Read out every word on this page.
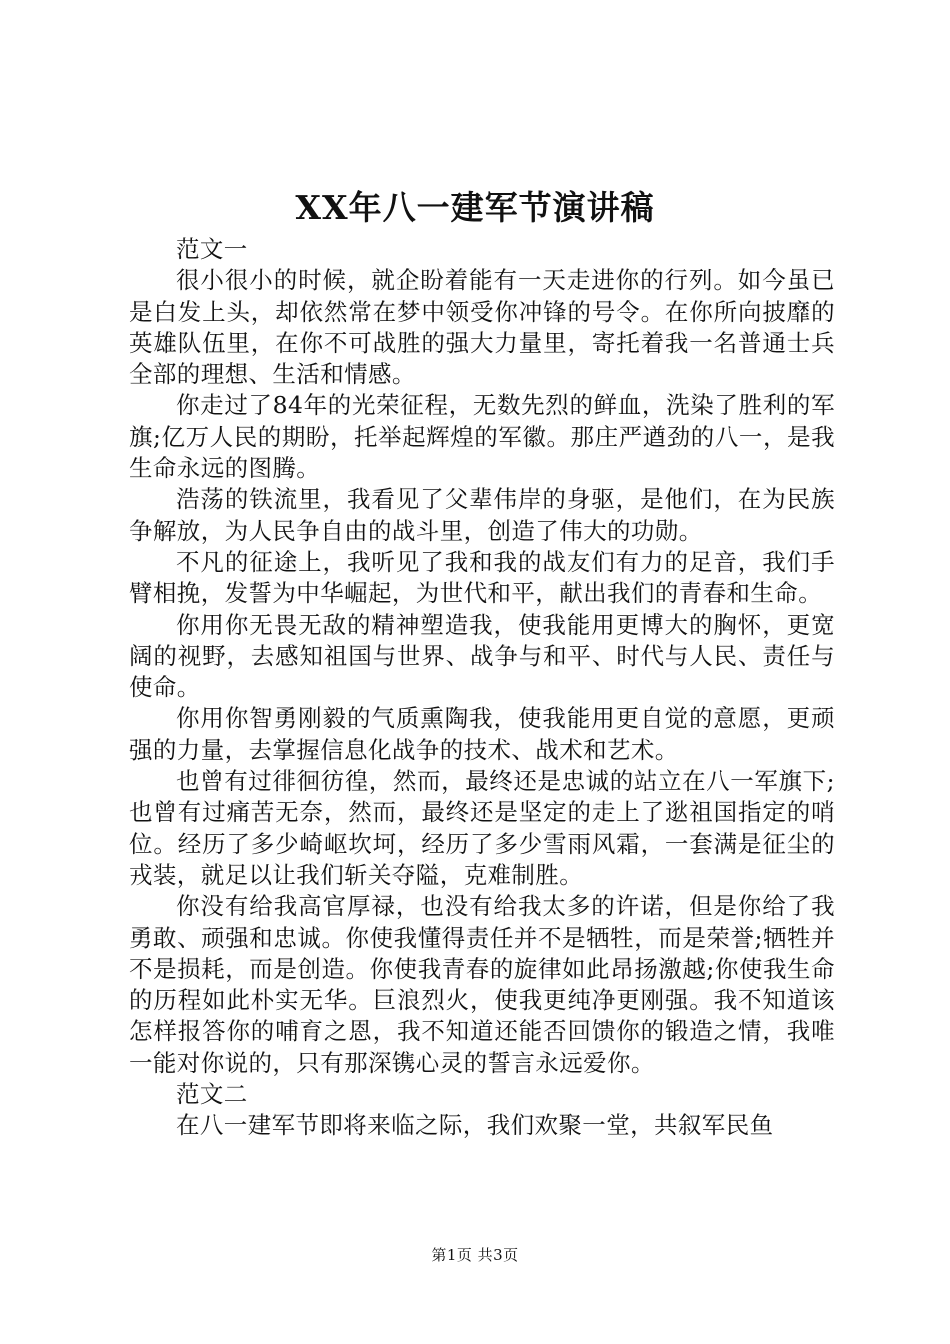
XX年八一建军节演讲稿

范文一

很小很小的时候，就企盼着能有一天走进你的行列。如今虽已是白发上头，却依然常在梦中领受你冲锋的号令。在你所向披靡的英雄队伍里，在你不可战胜的强大力量里，寄托着我一名普通士兵全部的理想、生活和情感。

你走过了84年的光荣征程，无数先烈的鲜血，洗染了胜利的军旗;亿万人民的期盼，托举起辉煌的军徽。那庄严遒劲的八一，是我生命永远的图腾。

浩荡的铁流里，我看见了父辈伟岸的身驱，是他们，在为民族争解放，为人民争自由的战斗里，创造了伟大的功勋。

不凡的征途上，我听见了我和我的战友们有力的足音，我们手臂相挽，发誓为中华崛起，为世代和平，献出我们的青春和生命。

你用你无畏无敌的精神塑造我，使我能用更博大的胸怀，更宽阔的视野，去感知祖国与世界、战争与和平、时代与人民、责任与使命。

你用你智勇刚毅的气质熏陶我，使我能用更自觉的意愿，更顽强的力量，去掌握信息化战争的技术、战术和艺术。

也曾有过徘徊彷徨，然而，最终还是忠诚的站立在八一军旗下;也曾有过痛苦无奈，然而，最终还是坚定的走上了逖祖国指定的哨位。经历了多少崎岖坎坷，经历了多少雪雨风霜，一套满是征尘的戎装，就足以让我们斩关夺隘，克难制胜。

你没有给我高官厚禄，也没有给我太多的许诺，但是你给了我勇敢、顽强和忠诚。你使我懂得责任并不是牺牲，而是荣誉;牺牲并不是损耗，而是创造。你使我青春的旋律如此昂扬激越;你使我生命的历程如此朴实无华。巨浪烈火，使我更纯净更刚强。我不知道该怎样报答你的哺育之恩，我不知道还能否回馈你的锻造之情，我唯一能对你说的，只有那深镌心灵的誓言永远爱你。

范文二

在八一建军节即将来临之际，我们欢聚一堂，共叙军民鱼

第1页 共3页
